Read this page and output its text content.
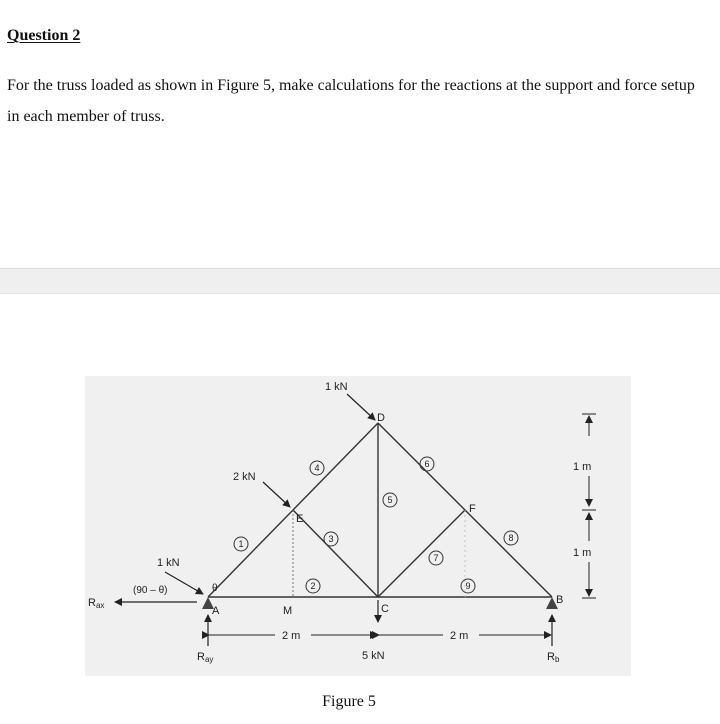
Question 2
For the truss loaded as shown in Figure 5, make calculations for the reactions at the support and force setup in each member of truss.
1
2
3
4
5
6
7
8
9
A
B
C
D
E
F
M
1 kN
2 kN
5 kN
1 kN
(90 – θ)	θ
Rax
Ray	Rb
2 m	2 m
1 m
1 m
Figure 5
